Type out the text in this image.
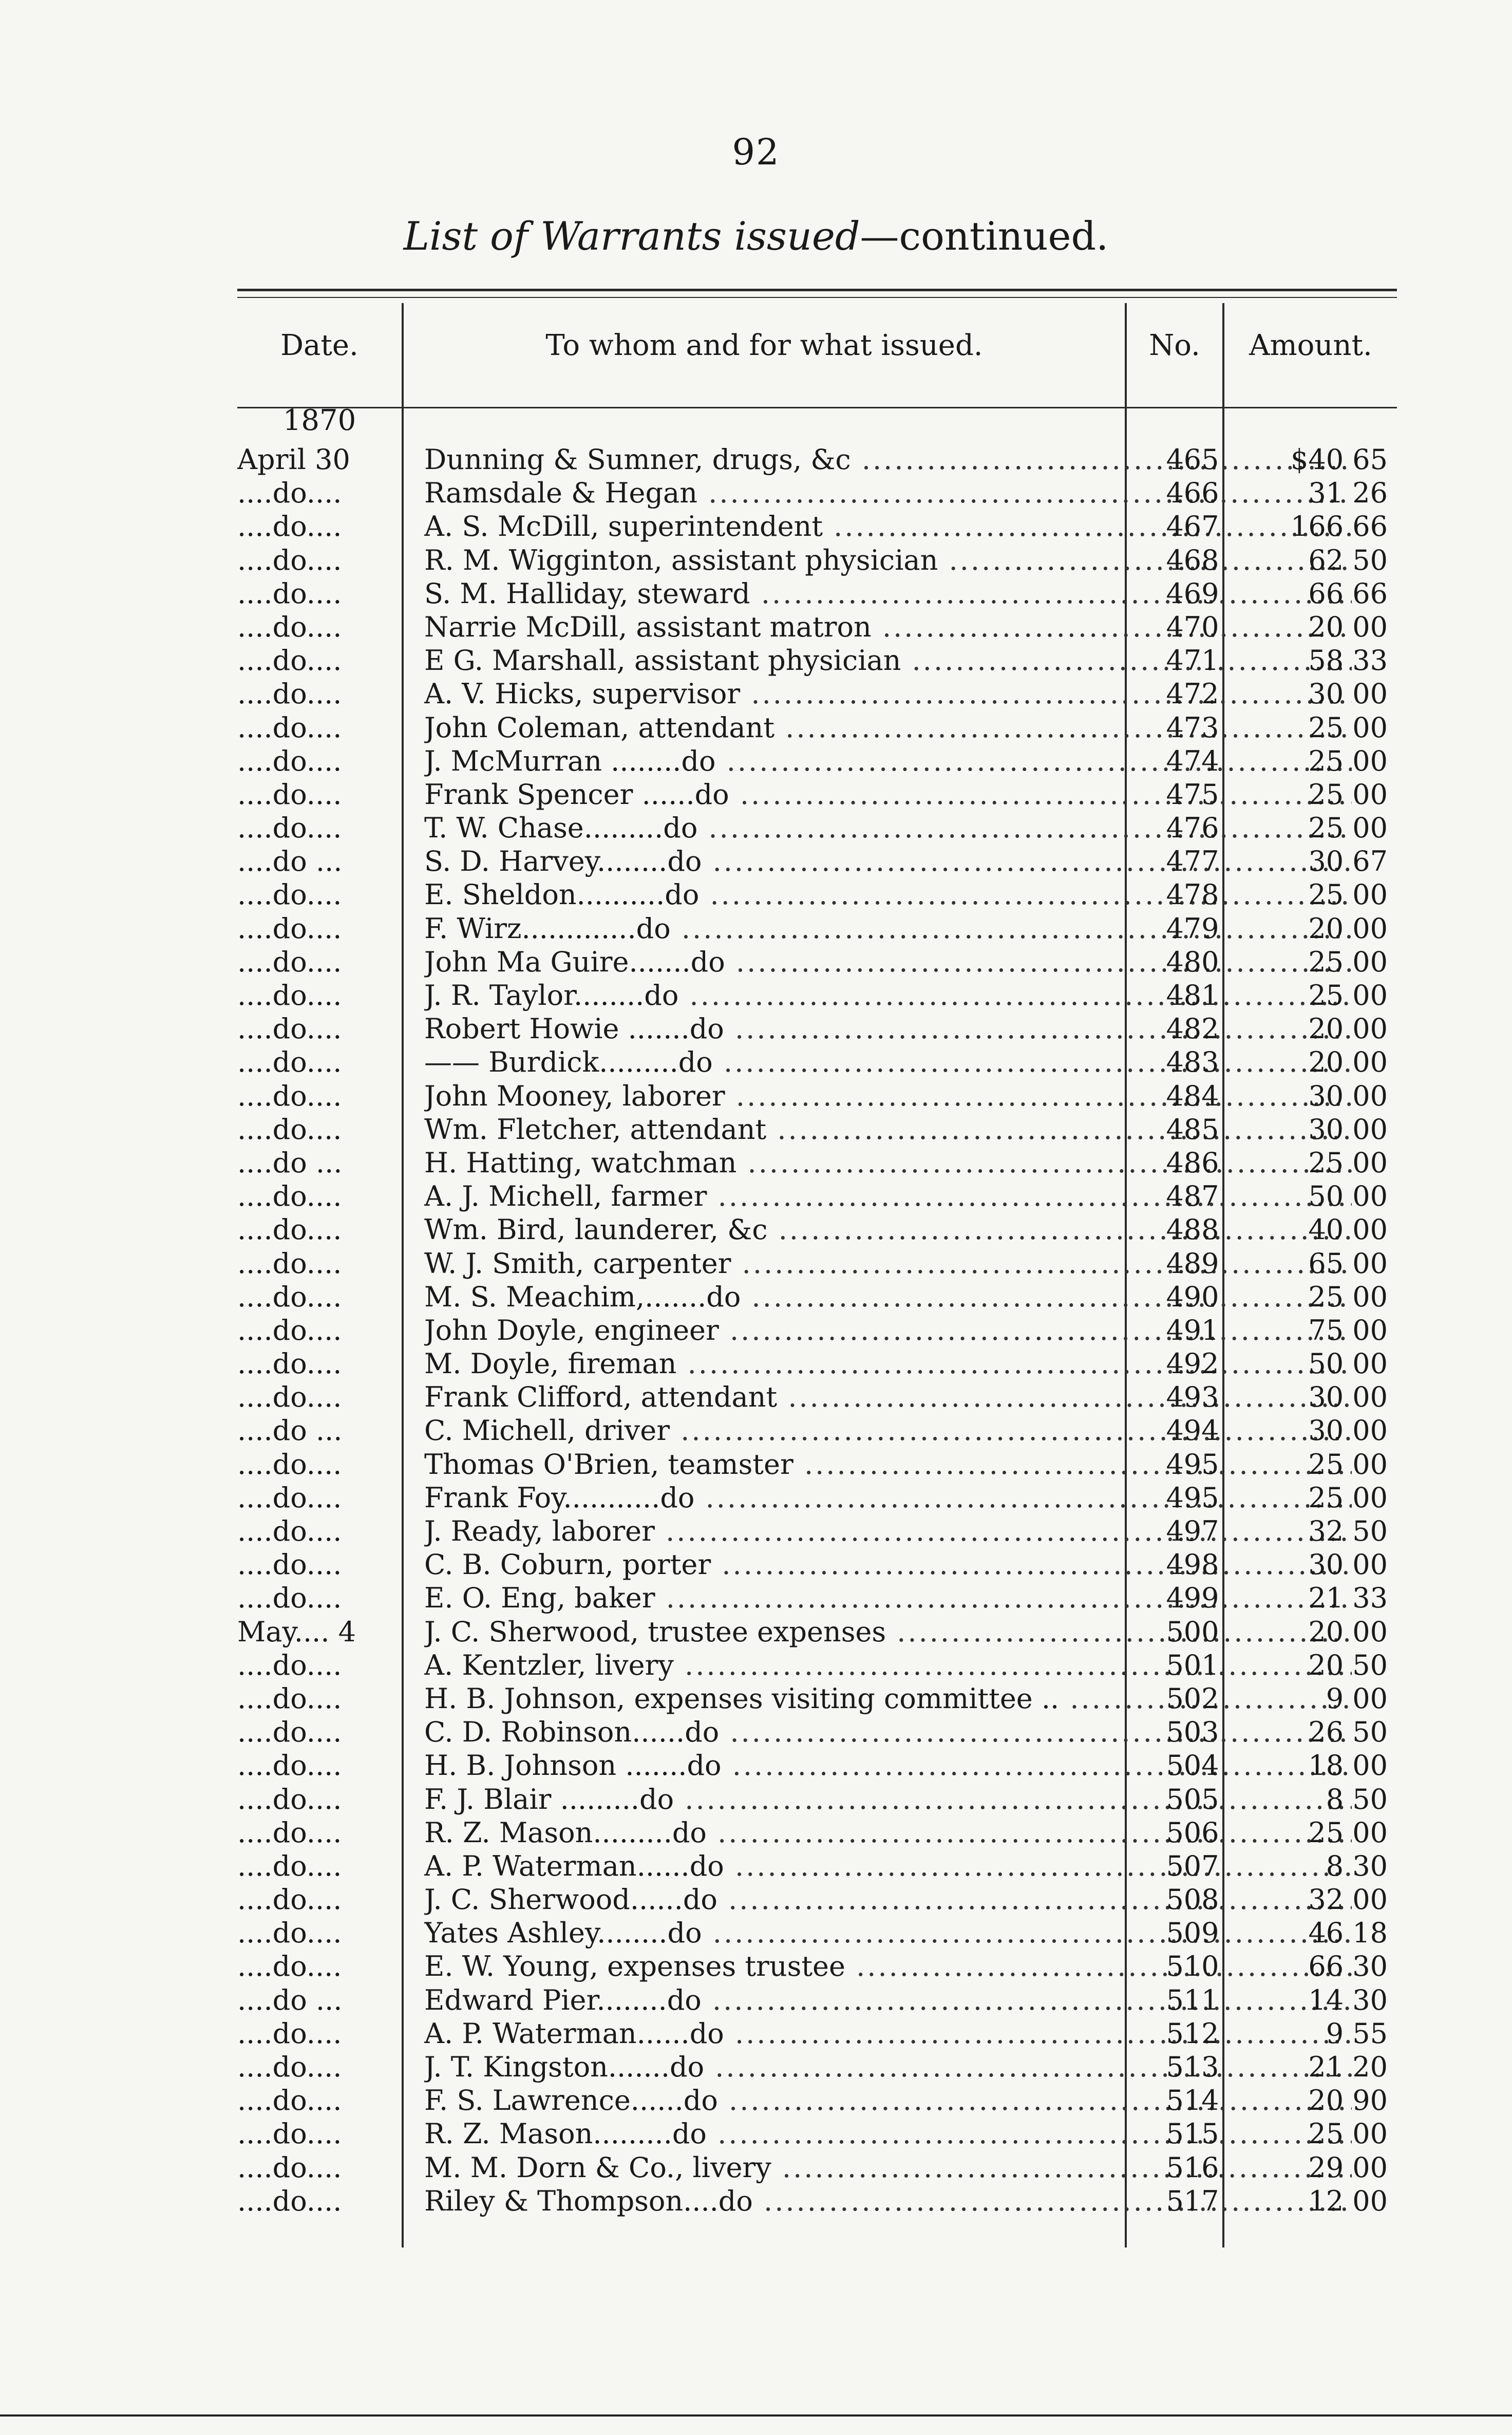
92
List of Warrants issued—continued.
Date.	To whom and for what issued.	No.	Amount.
1870
April 30	Dunning & Sumner, drugs, &c .....	465	$40 65
....do....	Ramsdale & Hegan .....	466	31 26
....do....	A. S. McDill, superintendent .....	467	166 66
....do....	R. M. Wigginton, assistant physician .....	468	62 50
....do....	S. M. Halliday, steward .....	469	66 66
....do....	Narrie McDill, assistant matron .....	470	20 00
....do....	E G. Marshall, assistant physician .....	471	58 33
....do....	A. V. Hicks, supervisor .....	472	30 00
....do....	John Coleman, attendant .....	473	25 00
....do....	J. McMurran ........do .....	474	25 00
....do....	Frank Spencer ......do .....	475	25 00
....do....	T. W. Chase.........do .....	476	25 00
....do ...	S. D. Harvey........do .....	477	30 67
....do....	E. Sheldon..........do .....	478	25 00
....do....	F. Wirz.............do .....	479	20 00
....do....	John Ma Guire.......do .....	480	25 00
....do....	J. R. Taylor........do .....	481	25 00
....do....	Robert Howie .......do .....	482	20 00
....do....	—— Burdick.........do .....	483	20 00
....do....	John Mooney, laborer .....	484	30 00
....do....	Wm. Fletcher, attendant .....	485	30 00
....do ...	H. Hatting, watchman .....	486	25 00
....do....	A. J. Michell, farmer .....	487	50 00
....do....	Wm. Bird, launderer, &c .....	488	40 00
....do....	W. J. Smith, carpenter .....	489	65 00
....do....	M. S. Meachim,.......do .....	490	25 00
....do....	John Doyle, engineer .....	491	75 00
....do....	M. Doyle, fireman .....	492	50 00
....do....	Frank Clifford, attendant .....	493	30 00
....do ...	C. Michell, driver .....	494	30 00
....do....	Thomas O'Brien, teamster .....	495	25 00
....do....	Frank Foy...........do .....	495	25 00
....do....	J. Ready, laborer .....	497	32 50
....do....	C. B. Coburn, porter .....	498	30 00
....do....	E. O. Eng, baker .....	499	21 33
May.... 4	J. C. Sherwood, trustee expenses .....	500	20 00
....do....	A. Kentzler, livery .....	501	20 50
....do....	H. B. Johnson, expenses visiting committee .. .....	502	9 00
....do....	C. D. Robinson......do .....	503	26 50
....do....	H. B. Johnson .......do .....	504	18 00
....do....	F. J. Blair .........do .....	505	8 50
....do....	R. Z. Mason.........do .....	506	25 00
....do....	A. P. Waterman......do .....	507	8 30
....do....	J. C. Sherwood......do .....	508	32 00
....do....	Yates Ashley........do .....	509	46 18
....do....	E. W. Young, expenses trustee .....	510	66 30
....do ...	Edward Pier........do .....	511	14 30
....do....	A. P. Waterman......do .....	512	9 55
....do....	J. T. Kingston.......do .....	513	21 20
....do....	F. S. Lawrence......do .....	514	20 90
....do....	R. Z. Mason.........do .....	515	25 00
....do....	M. M. Dorn & Co., livery .....	516	29 00
....do....	Riley & Thompson....do .....	517	12 00
